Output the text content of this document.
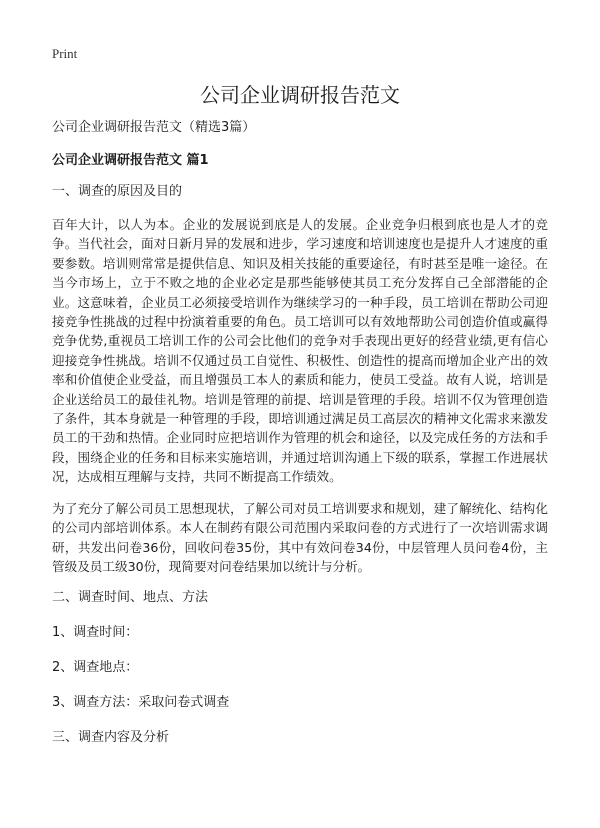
Print
公司企业调研报告范文

公司企业调研报告范文（精选3篇）

公司企业调研报告范文 篇1

一、调查的原因及目的

百年大计，以人为本。企业的发展说到底是人的发展。企业竞争归根到底也是人才的竞争。当代社会，面对日新月异的发展和进步，学习速度和培训速度也是提升人才速度的重要参数。培训则常常是提供信息、知识及相关技能的重要途径，有时甚至是唯一途径。在当今市场上，立于不败之地的企业必定是那些能够使其员工充分发挥自己全部潜能的企业。这意味着，企业员工必须接受培训作为继续学习的一种手段，员工培训在帮助公司迎接竞争性挑战的过程中扮演着重要的角色。员工培训可以有效地帮助公司创造价值或赢得竞争优势,重视员工培训工作的公司会比他们的竞争对手表现出更好的经营业绩,更有信心迎接竞争性挑战。培训不仅通过员工自觉性、积极性、创造性的提高而增加企业产出的效率和价值使企业受益，而且增强员工本人的素质和能力，使员工受益。故有人说，培训是企业送给员工的最佳礼物。培训是管理的前提、培训是管理的手段。培训不仅为管理创造了条件，其本身就是一种管理的手段，即培训通过满足员工高层次的精神文化需求来激发员工的干劲和热情。企业同时应把培训作为管理的机会和途径，以及完成任务的方法和手段，围绕企业的任务和目标来实施培训，并通过培训沟通上下级的联系，掌握工作进展状况，达成相互理解与支持，共同不断提高工作绩效。

为了充分了解公司员工思想现状，了解公司对员工培训要求和规划，建了解统化、结构化的公司内部培训体系。本人在制药有限公司范围内采取问卷的方式进行了一次培训需求调研，共发出问卷36份，回收问卷35份，其中有效问卷34份，中层管理人员问卷4份，主管级及员工级30份，现简要对问卷结果加以统计与分析。

二、调查时间、地点、方法

1、调查时间：

2、调查地点：

3、调查方法：采取问卷式调查

三、调查内容及分析
